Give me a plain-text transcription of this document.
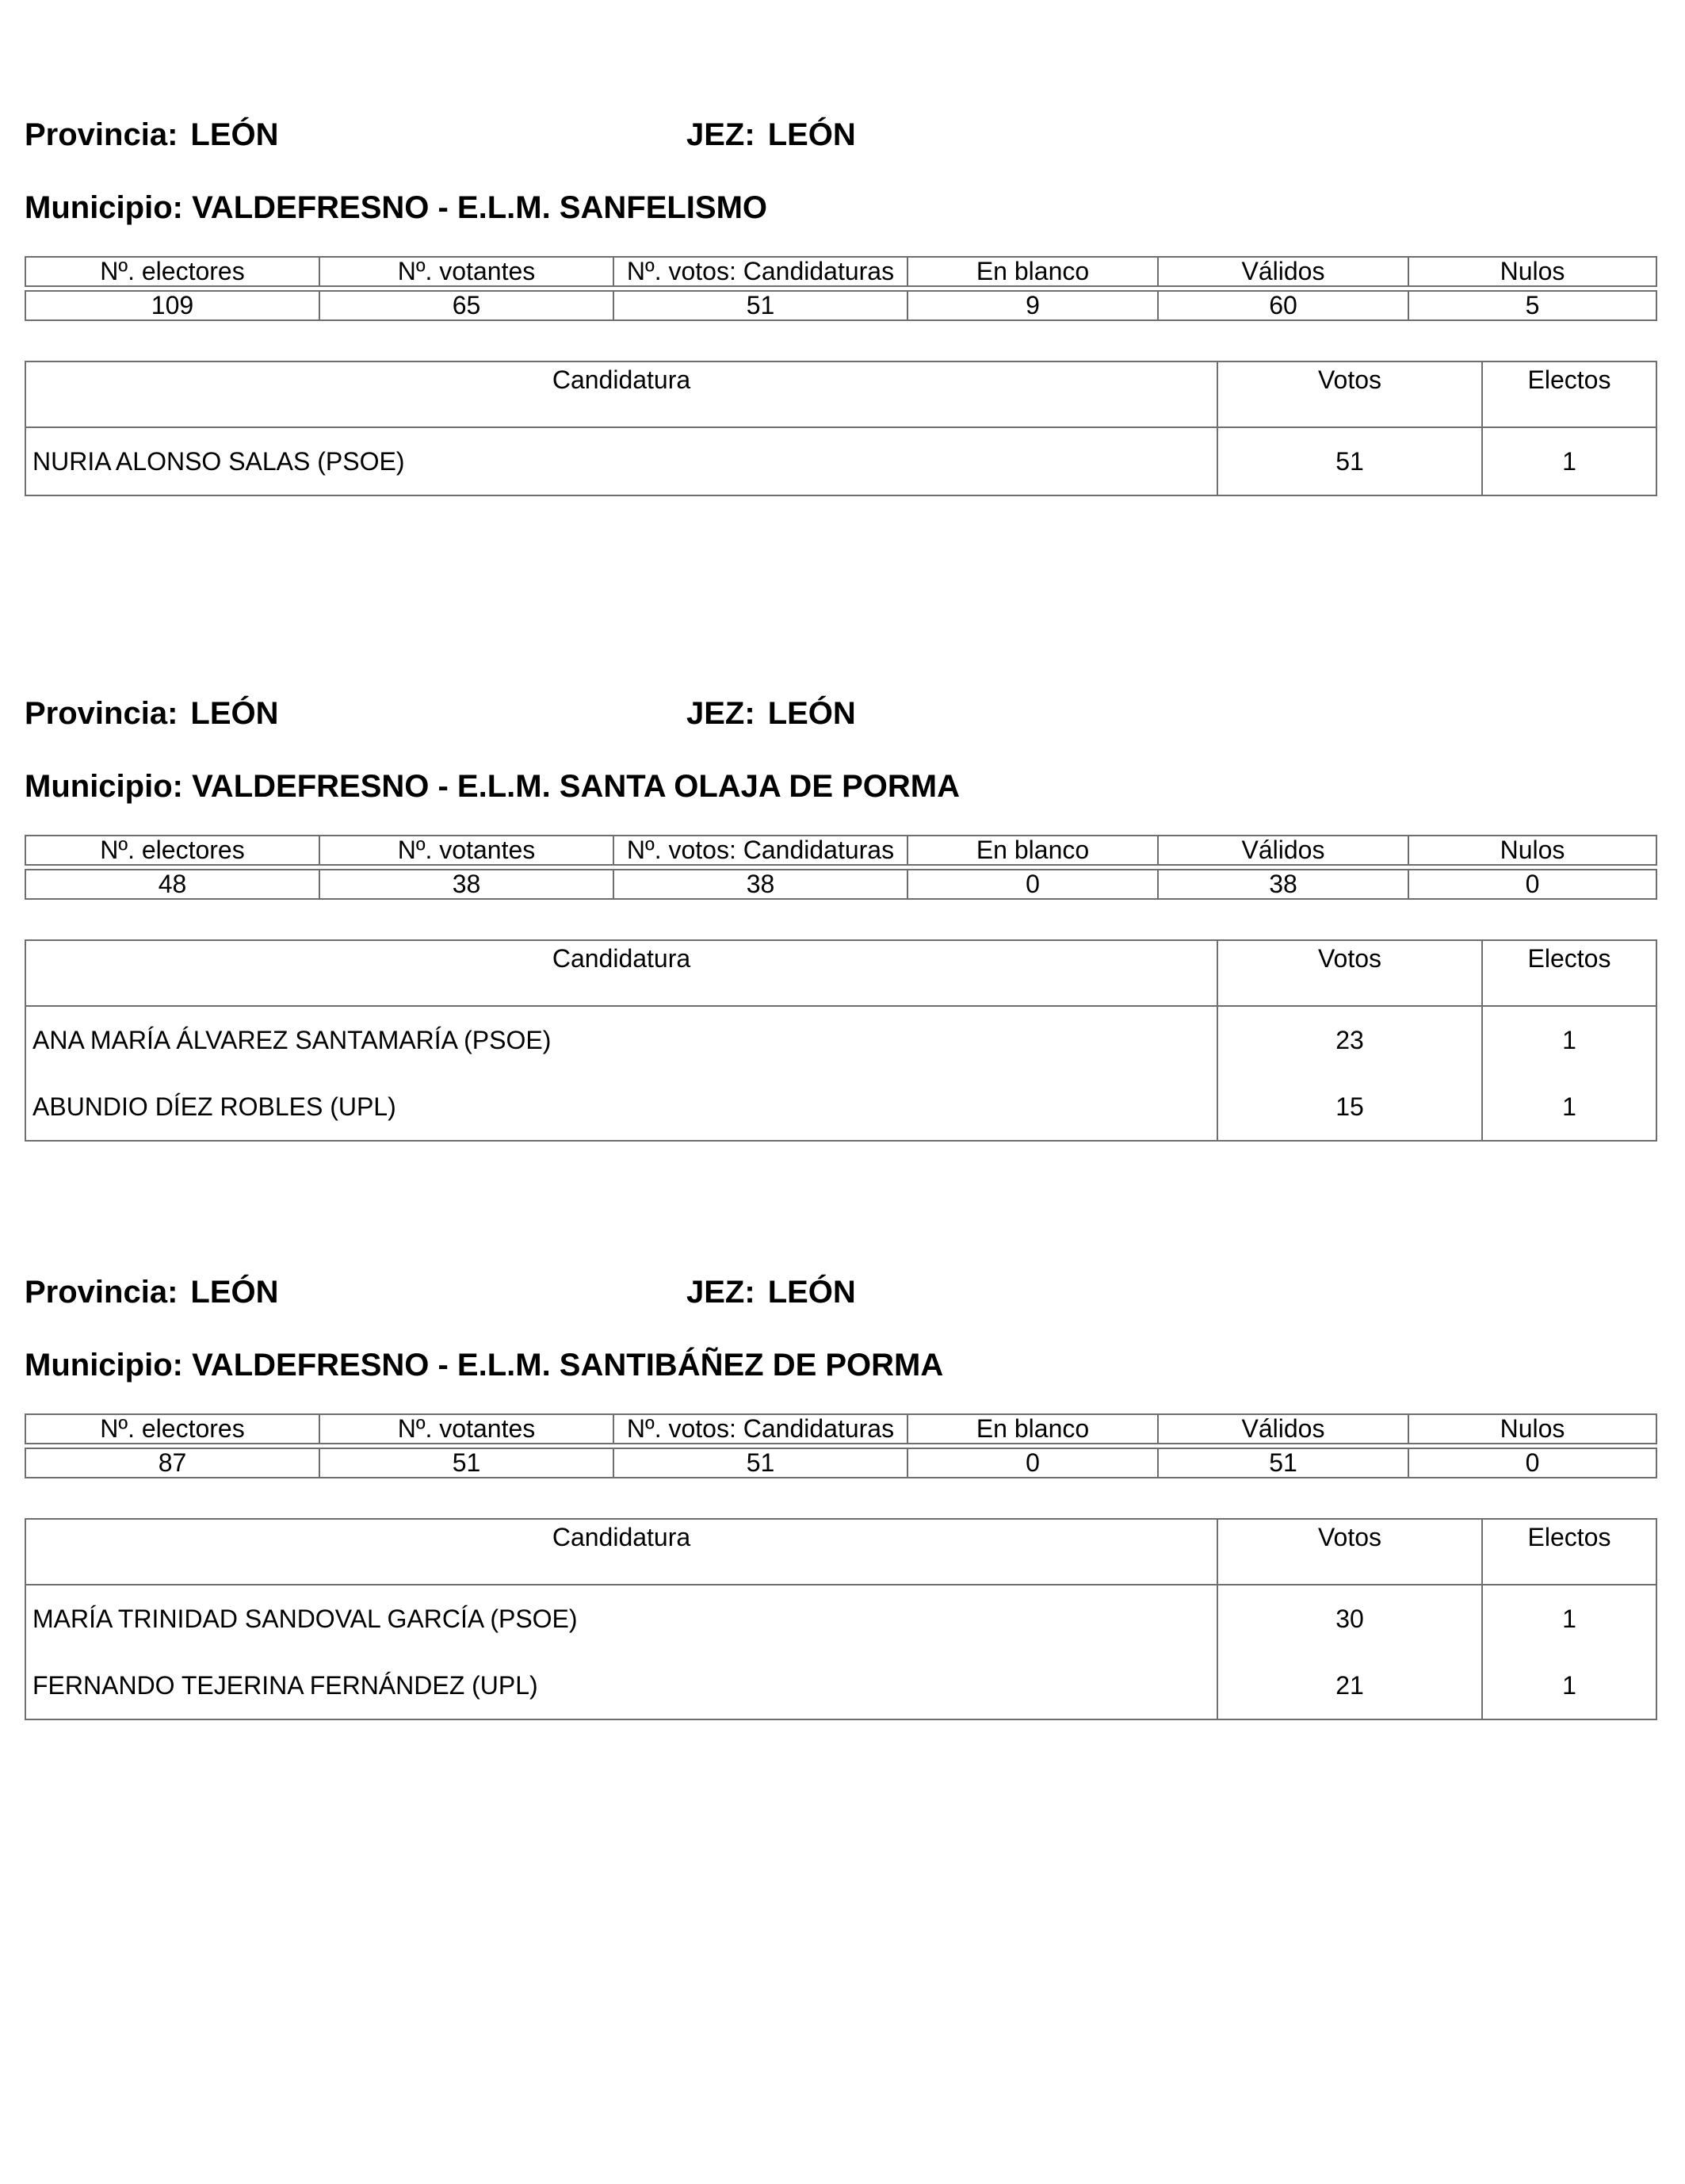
Provincia: LEÓN	JEZ: LEÓN
Municipio: VALDEFRESNO - E.L.M. SANFELISMO
Nº. electores	Nº. votantes	Nº. votos: Candidaturas	En blanco	Válidos	Nulos

109	65	51	9	60	5
Candidatura	Votos	Electos
NURIA ALONSO SALAS (PSOE)	51	1
Provincia: LEÓN	JEZ: LEÓN
Municipio: VALDEFRESNO - E.L.M. SANTA OLAJA DE PORMA
Nº. electores	Nº. votantes	Nº. votos: Candidaturas	En blanco	Válidos	Nulos

48	38	38	0	38	0
Candidatura	Votos	Electos
ANA MARÍA ÁLVAREZ SANTAMARÍA (PSOE)	23	1
ABUNDIO DÍEZ ROBLES (UPL)	15	1
Provincia: LEÓN	JEZ: LEÓN
Municipio: VALDEFRESNO - E.L.M. SANTIBÁÑEZ DE PORMA
Nº. electores	Nº. votantes	Nº. votos: Candidaturas	En blanco	Válidos	Nulos

87	51	51	0	51	0
Candidatura	Votos	Electos
MARÍA TRINIDAD SANDOVAL GARCÍA (PSOE)	30	1
FERNANDO TEJERINA FERNÁNDEZ (UPL)	21	1
